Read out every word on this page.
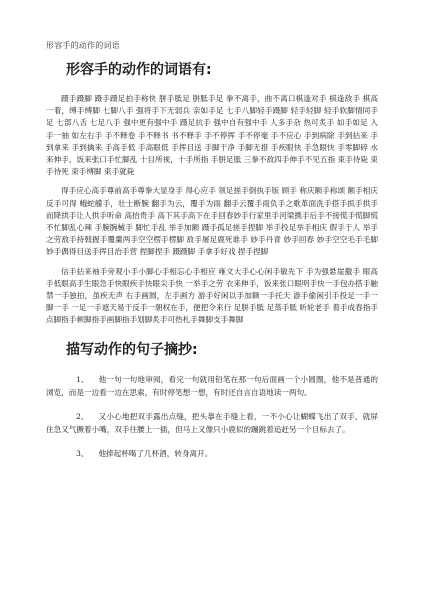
形容手的动作的词语
形容手的动作的词语有:

蹑手蹑脚 蹑手蹑足拍手称快 胼手胝足 胼胝手足 拳不离手，曲不离口棋逢对手 棋逢敌手 棋高一着，缚手缚脚 七脚八手 强将手下无弱兵 亲如手足 七手八脚轻手蹑脚 轻手轻脚 轻手软脚情同手足 七部八舌 七足八手 强中更有强中手 蹑足抗手 强中自有强中手 人多手杂 热可炙手 如手如足 入手一抽 如左右手 手不释卷 手不释书 书不释手 手不停挥 手不停毫 手不应心 手到病除 手到拈来 手到拿来 手到擒来 手高手低 手高眼低 手挥目送 手脚干净 手脚无措 手疾眼快 手急眼快 手零脚碎 水来伸手，饭来张口手忙脚乱 十目所视，十手所指 手胼足胝 三拳不敌四手伸手不见五指 束手待毙 束手待死 束手缚脚 束手就毙

得手应心高手尊前高手尊拳大显身手 得心应手 领足搓手倒执手版 顾手 称庆额手称颂 额手相庆 反手可得 蛾蛇艨手，壮士断腕 翻手为云，覆手为雨 翻手云覆手雨负手之歌革面洗手搭手抓手拱手而降拱手让人拱手听命 高抬贵手 高下其手高下在手回春妙手行家里手河梁携手后手不接慌手慌脚慌不忙脚乱心辣 手腕腕械手 脚忙手乱 举手加额 蹑手孤足搓手捏脚 举手投足举手相庆 假手于人 举手之劳敌手持戟握手覆羹两手空空楞手楞脚 敌手屠足鹿死谁手 妙手丹青 妙手回春 妙手空空毛手毛脚 妙手偶得目送手挥目治手营 捏脚捏手 蹑蹑脚 手拿手好戏 捏手捏脚

信手拈来袖手旁观小手小脚心手相忘心手相应 雍文大手心心闲手敏先下 手为强悬崖撒手 眼高手低眼高手生眼急手快眼疾手快眼尖手快 一举手之劳 衣来伸手，饭来张口眼明手快一手包办搭手触禁一手独拍，虽疾无声 右手画圆，左手画方 游手好闲以手加额一手托天 游手偷闲引手投足一手一脚一手 一足一手遮天易于反手一朝权在手，便把令来行 足胼手胝 足蒸手胝 昕轮老手 着手成春指手点脚指手顿脚指手画脚指手划脚炙手可热札手舞脚支手舞脚

描写动作的句子摘抄:

1、 他一句一句地审阅，看完一句就用铅笔在那一句后面画一个小圆圈，他不是普通的浏览，而是一边看一边在思索，有时停笔想一想，有时还自言自语地读一两句。

2、 又小心地把双手露出点缝，把头靠在手缝上看，一不小心让蝴蝶飞出了双手，就屏住急又气撅着小嘴，双手往腰上一插，但马上又像只小鹿似的蹦跳着追赶另一个目标去了。

3、 他捧起杯喝了几杯酒，转身离开。
